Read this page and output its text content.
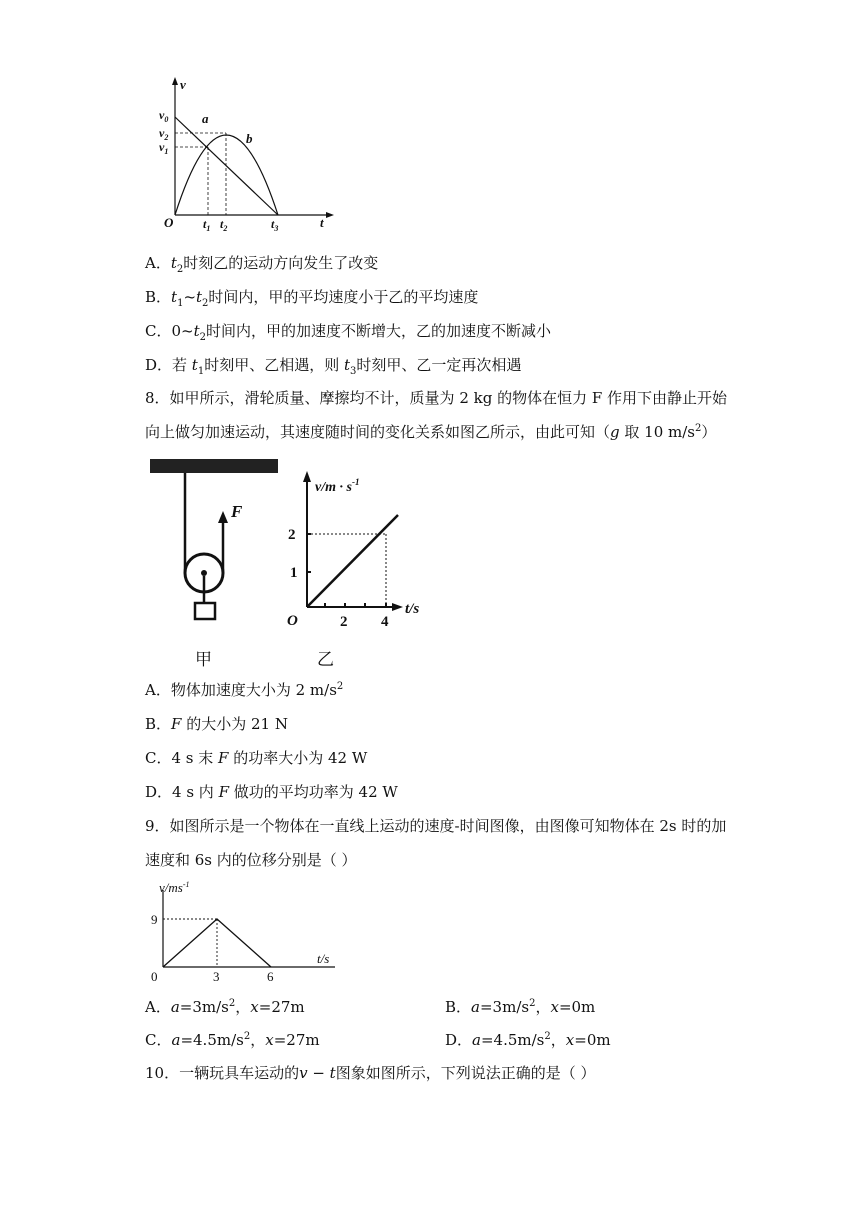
v
$v_0$
$v_2$
$v_1$
a
b
O	t
$t_1$ $t_2$	$t_3$
A．$t_2$时刻乙的运动方向发生了改变
B．$t_1\sim t_2$时间内，甲的平均速度小于乙的平均速度
C．$0\sim t_2$时间内，甲的加速度不断增大，乙的加速度不断减小
D．若 $t_1$时刻甲、乙相遇，则 $t_3$时刻甲、乙一定再次相遇
8．如甲所示，滑轮质量、摩擦均不计，质量为 2 kg 的物体在恒力 F 作用下由静止开始
向上做匀加速运动，其速度随时间的变化关系如图乙所示，由此可知（g 取 10 $m/s^2$）
F
甲
$v/m \cdot s^{-1}$
2
1
O	2 4
t/s
乙
A．物体加速度大小为 2 $m/s^2$
B．F 的大小为 21 N
C．4 s 末 F 的功率大小为 42 W
D．4 s 内 F 做功的平均功率为 42 W
9．如图所示是一个物体在一直线上运动的速度-时间图像，由图像可知物体在 2s 时的加
速度和 6s 内的位移分别是（ ）
$v/ms^{-1}$
9
0	3	6
t/s
A．$a=3m/s^2$，x=27m	B．$a=3m/s^2$，x=0m
C．$a=4.5m/s^2$，x=27m	D．$a=4.5m/s^2$，x=0m
10．一辆玩具车运动的v − t图象如图所示，下列说法正确的是（ ）
